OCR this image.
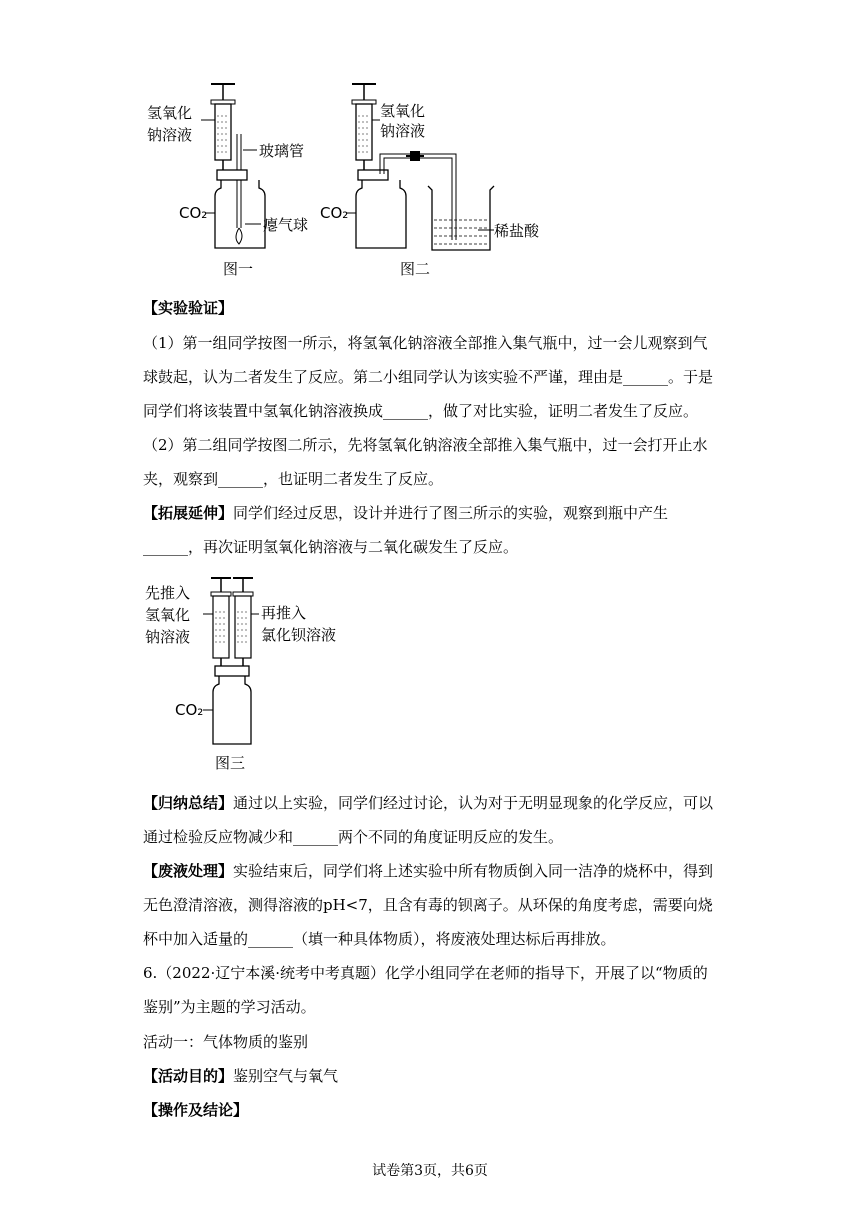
氢氧化
钠溶液
玻璃管
CO₂
瘪气球
图一
氢氧化
钠溶液
CO₂
稀盐酸
图二
【实验验证】

（1）第一组同学按图一所示，将氢氧化钠溶液全部推入集气瓶中，过一会儿观察到气球鼓起，认为二者发生了反应。第二小组同学认为该实验不严谨，理由是______。于是同学们将该装置中氢氧化钠溶液换成______，做了对比实验，证明二者发生了反应。

（2）第二组同学按图二所示，先将氢氧化钠溶液全部推入集气瓶中，过一会打开止水夹，观察到______，也证明二者发生了反应。

【拓展延伸】同学们经过反思，设计并进行了图三所示的实验，观察到瓶中产生______，再次证明氢氧化钠溶液与二氧化碳发生了反应。

先推入
氢氧化
钠溶液
再推入
氯化钡溶液
CO₂
图三

【归纳总结】通过以上实验，同学们经过讨论，认为对于无明显现象的化学反应，可以通过检验反应物减少和______两个不同的角度证明反应的发生。

【废液处理】实验结束后，同学们将上述实验中所有物质倒入同一洁净的烧杯中，得到无色澄清溶液，测得溶液的pH<7，且含有毒的钡离子。从环保的角度考虑，需要向烧杯中加入适量的______（填一种具体物质），将废液处理达标后再排放。

6.（2022·辽宁本溪·统考中考真题）化学小组同学在老师的指导下，开展了以“物质的鉴别”为主题的学习活动。

活动一：气体物质的鉴别
【活动目的】鉴别空气与氧气
【操作及结论】
试卷第3页，共6页
